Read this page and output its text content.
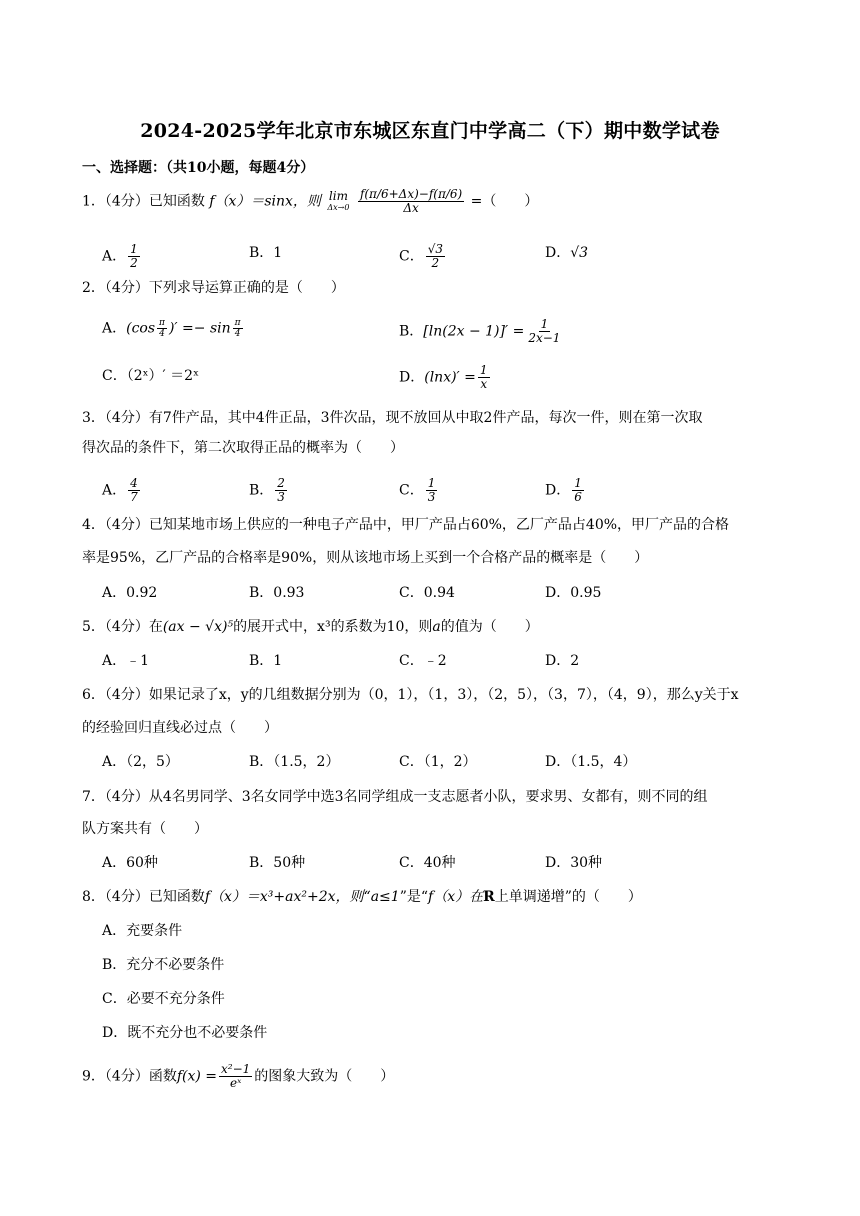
2024-2025学年北京市东城区东直门中学高二（下）期中数学试卷
一、选择题：（共10小题，每题4分）
1．（4分）已知函数 f（x）＝sinx，则 lim
Δx→0
$\frac{f(\pi/6+\Delta x)-f(\pi/6)}{\Delta x}$ =（　　）
A． $\frac{1}{2}$	B．1	C． $\frac{√3}{2}$	D．√3
2．（4分）下列求导运算正确的是（　　）
A．($\cos \frac{\pi}{4}$ )′ =− $\sin \frac{\pi}{4}$	B．$[\ln(2x - 1)]' = \frac{1}{2x-1}$
C．（2ˣ）′ ＝2ˣ	D．$(\ln x)' = \frac{1}{x}$
3．（4分）有7件产品，其中4件正品，3件次品，现不放回从中取2件产品，每次一件，则在第一次取
得次品的条件下，第二次取得正品的概率为（　　）
A． $\frac{4}{7}$	B． $\frac{2}{3}$	C． $\frac{1}{3}$	D． $\frac{1}{6}$
4．（4分）已知某地市场上供应的一种电子产品中，甲厂产品占60%，乙厂产品占40%，甲厂产品的合格
率是95%，乙厂产品的合格率是90%，则从该地市场上买到一个合格产品的概率是（　　）
A．0.92	B．0.93	C．0.94	D．0.95
5．（4分）在(ax − √x)⁵的展开式中，x³的系数为10，则a的值为（　　）
A．﹣1	B．1	C．﹣2	D．2
6．（4分）如果记录了x，y的几组数据分别为（0，1），（1，3），（2，5），（3，7），（4，9），那么y关于x
的经验回归直线必过点（　　）
A．（2，5）	B．（1.5，2）	C．（1，2）	D．（1.5，4）
7．（4分）从4名男同学、3名女同学中选3名同学组成一支志愿者小队，要求男、女都有，则不同的组
队方案共有（　　）
A．60种	B．50种	C．40种	D．30种
8．（4分）已知函数f（x）＝x³+ax²+2x，则“a≤1”是“f（x）在R上单调递增”的（　　）
A．充要条件
B．充分不必要条件
C．必要不充分条件
D．既不充分也不必要条件
9．（4分）函数$f(x) = \frac{\text{x²−1}}{\text{eˣ}}$ 的图象大致为（　　）
